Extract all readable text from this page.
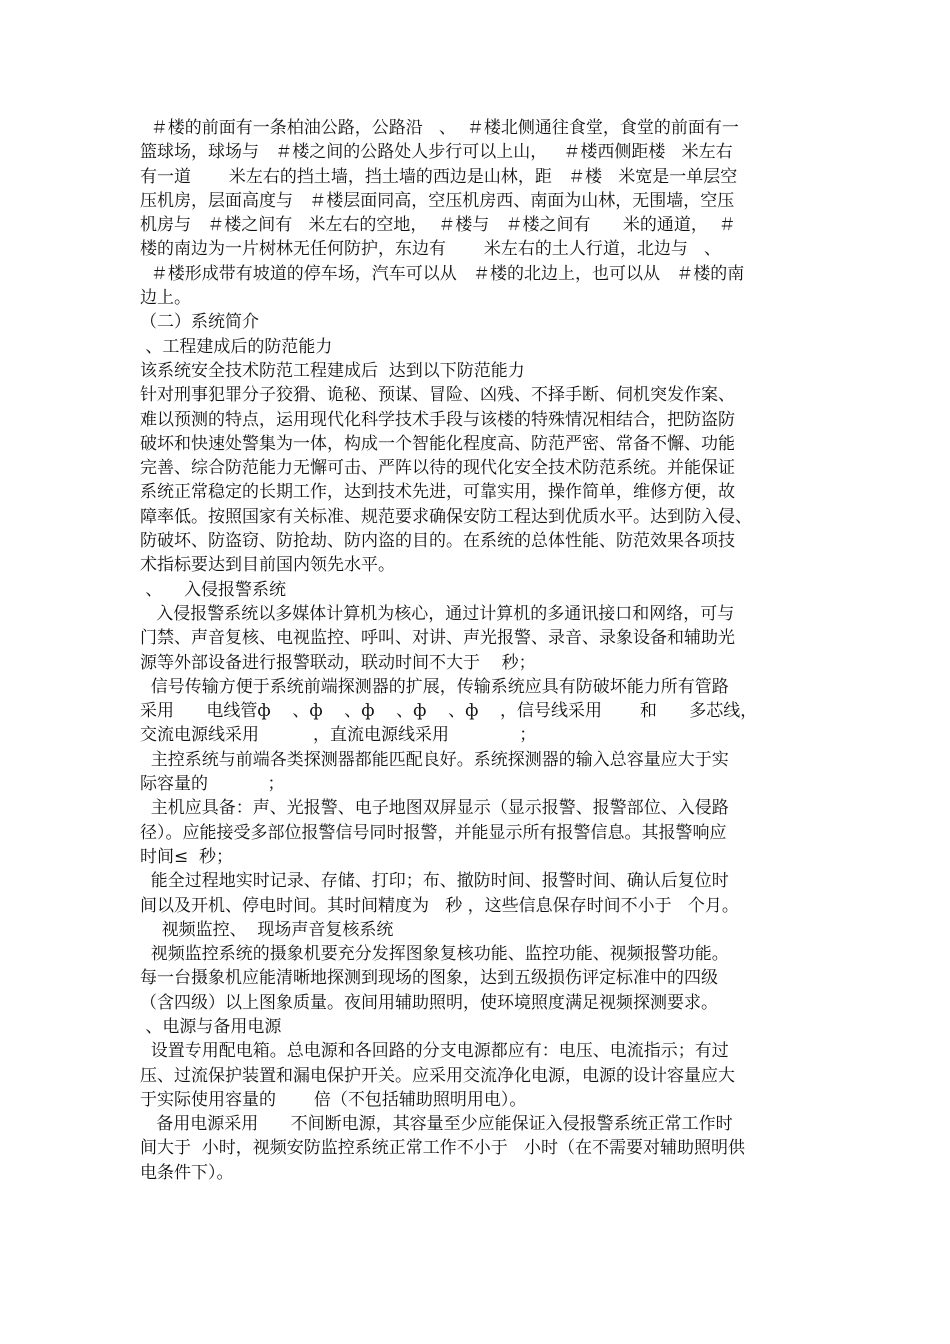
＃楼的前面有一条柏油公路，公路沿   、  ＃楼北侧通往食堂，食堂的前面有一
篮球场，球场与   ＃楼之间的公路处人步行可以上山，   ＃楼西侧距楼   米左右
有一道       米左右的挡土墙，挡土墙的西边是山林，距   ＃楼   米宽是一单层空
压机房，层面高度与   ＃楼层面同高，空压机房西、南面为山林，无围墙，空压
机房与   ＃楼之间有   米左右的空地，  ＃楼与   ＃楼之间有      米的通道，  ＃
楼的南边为一片树林无任何防护，东边有       米左右的土人行道，北边与   、
＃楼形成带有坡道的停车场，汽车可以从   ＃楼的北边上，也可以从   ＃楼的南
边上。
（二）系统简介
、工程建成后的防范能力
该系统安全技术防范工程建成后  达到以下防范能力
针对刑事犯罪分子狡猾、诡秘、预谋、冒险、凶残、不择手断、伺机突发作案、
难以预测的特点，运用现代化科学技术手段与该楼的特殊情况相结合，把防盗防
破坏和快速处警集为一体，构成一个智能化程度高、防范严密、常备不懈、功能
完善、综合防范能力无懈可击、严阵以待的现代化安全技术防范系统。并能保证
系统正常稳定的长期工作，达到技术先进，可靠实用，操作简单，维修方便，故
障率低。按照国家有关标准、规范要求确保安防工程达到优质水平。达到防入侵、
防破坏、防盗窃、防抢劫、防内盗的目的。在系统的总体性能、防范效果各项技
术指标要达到目前国内领先水平。
、    入侵报警系统
入侵报警系统以多媒体计算机为核心，通过计算机的多通讯接口和网络，可与
门禁、声音复核、电视监控、呼叫、对讲、声光报警、录音、录象设备和辅助光
源等外部设备进行报警联动，联动时间不大于    秒；
信号传输方便于系统前端探测器的扩展，传输系统应具有防破坏能力所有管路
采用      电线管ф    、ф    、ф    、ф    、ф    ，信号线采用       和      多芯线，
交流电源线采用          ，直流电源线采用             ；
主控系统与前端各类探测器都能匹配良好。系统探测器的输入总容量应大于实
际容量的           ；
主机应具备：声、光报警、电子地图双屏显示（显示报警、报警部位、入侵路
径）。应能接受多部位报警信号同时报警，并能显示所有报警信息。其报警响应
时间≤  秒；
能全过程地实时记录、存储、打印；布、撤防时间、报警时间、确认后复位时
间以及开机、停电时间。其时间精度为   秒 ，这些信息保存时间不小于   个月。
视频监控、  现场声音复核系统
视频监控系统的摄象机要充分发挥图象复核功能、监控功能、视频报警功能。
每一台摄象机应能清晰地探测到现场的图象，达到五级损伤评定标准中的四级
（含四级）以上图象质量。夜间用辅助照明，使环境照度满足视频探测要求。
、电源与备用电源
设置专用配电箱。总电源和各回路的分支电源都应有：电压、电流指示；有过
压、过流保护装置和漏电保护开关。应采用交流净化电源，电源的设计容量应大
于实际使用容量的       倍（不包括辅助照明用电）。
备用电源采用      不间断电源，其容量至少应能保证入侵报警系统正常工作时
间大于  小时，视频安防监控系统正常工作不小于   小时（在不需要对辅助照明供
电条件下）。
